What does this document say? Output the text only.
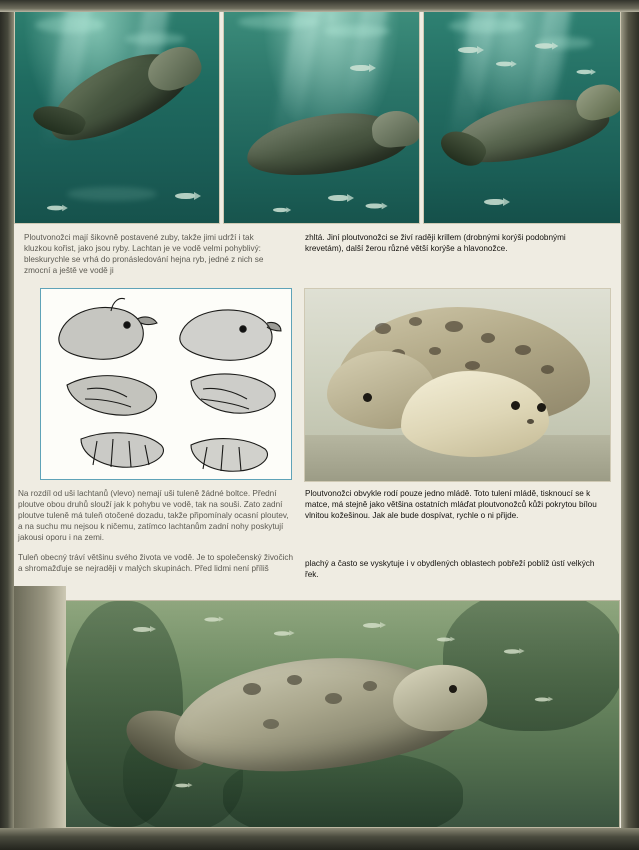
Ploutvonožci mají šikovně postavené zuby, takže jimi udrží i tak kluzkou kořist, jako jsou ryby. Lachtan je ve vodě velmi pohyblivý: bleskurychle se vrhá do pronásledování hejna ryb, jedné z nich se zmocní a ještě ve vodě ji
zhltá. Jiní ploutvonožci se živí raději krillem (drobnými korýši podobnými krevetám), další žerou různé větší korýše a hlavonožce.
Na rozdíl od uši lachtanů (vlevo) nemají uši tuleně žádné boltce. Přední ploutve obou druhů slouží jak k pohybu ve vodě, tak na souši. Zato zadní ploutve tuleně má tuleň otočené dozadu, takže připomínaly ocasní ploutev, a na suchu mu nejsou k ničemu, zatímco lachtanům zadní nohy poskytují jakousi oporu i na zemi.
Ploutvonožci obvykle rodí pouze jedno mládě. Toto tulení mládě, tisknoucí se k matce, má stejně jako většina ostatních mláďat ploutvonožců kůži pokrytou bílou vlnitou kožešinou. Jak ale bude dospívat, rychle o ni přijde.
Tuleň obecný tráví většinu svého života ve vodě. Je to společenský živočich a shromažďuje se nejraději v malých skupinách. Před lidmi není příliš
plachý a často se vyskytuje i v obydlených oblastech pobřeží poblíž ústí velkých řek.
